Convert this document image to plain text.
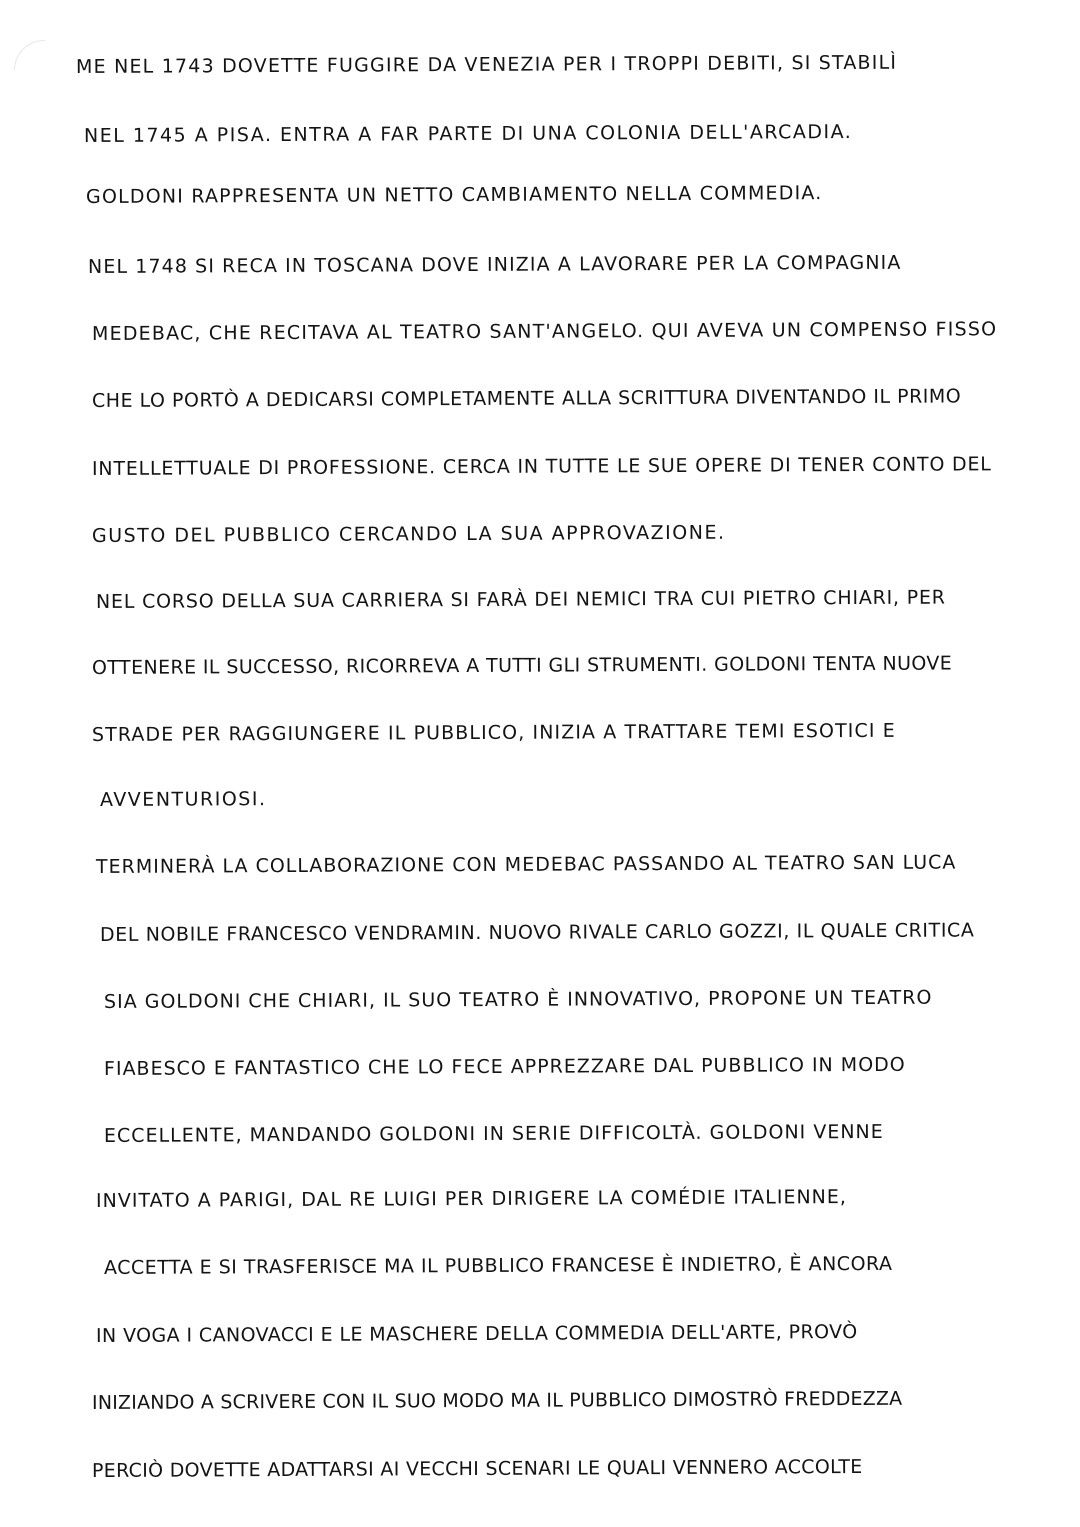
ME NEL 1743 DOVETTE FUGGIRE DA VENEZIA PER I TROPPI DEBITI, SI STABILÌ
NEL 1745 A PISA. ENTRA A FAR PARTE DI UNA COLONIA DELL'ARCADIA.
GOLDONI RAPPRESENTA UN NETTO CAMBIAMENTO NELLA COMMEDIA.
NEL 1748 SI RECA IN TOSCANA DOVE INIZIA A LAVORARE PER LA COMPAGNIA
MEDEBAC, CHE RECITAVA AL TEATRO SANT'ANGELO. QUI AVEVA UN COMPENSO FISSO
CHE LO PORTÒ A DEDICARSI COMPLETAMENTE ALLA SCRITTURA DIVENTANDO IL PRIMO
INTELLETTUALE DI PROFESSIONE. CERCA IN TUTTE LE SUE OPERE DI TENER CONTO DEL
GUSTO DEL PUBBLICO CERCANDO LA SUA APPROVAZIONE.
NEL CORSO DELLA SUA CARRIERA SI FARÀ DEI NEMICI TRA CUI PIETRO CHIARI, PER
OTTENERE IL SUCCESSO, RICORREVA A TUTTI GLI STRUMENTI. GOLDONI TENTA NUOVE
STRADE PER RAGGIUNGERE IL PUBBLICO, INIZIA A TRATTARE TEMI ESOTICI E
AVVENTURIOSI.
TERMINERÀ LA COLLABORAZIONE CON MEDEBAC PASSANDO AL TEATRO SAN LUCA
DEL NOBILE FRANCESCO VENDRAMIN. NUOVO RIVALE CARLO GOZZI, IL QUALE CRITICA
SIA GOLDONI CHE CHIARI, IL SUO TEATRO È INNOVATIVO, PROPONE UN TEATRO
FIABESCO E FANTASTICO CHE LO FECE APPREZZARE DAL PUBBLICO IN MODO
ECCELLENTE, MANDANDO GOLDONI IN SERIE DIFFICOLTÀ. GOLDONI VENNE
INVITATO A PARIGI, DAL RE LUIGI PER DIRIGERE LA COMÉDIE ITALIENNE,
ACCETTA E SI TRASFERISCE MA IL PUBBLICO FRANCESE È INDIETRO, È ANCORA
IN VOGA I CANOVACCI E LE MASCHERE DELLA COMMEDIA DELL'ARTE, PROVÒ
INIZIANDO A SCRIVERE CON IL SUO MODO MA IL PUBBLICO DIMOSTRÒ FREDDEZZA
PERCIÒ DOVETTE ADATTARSI AI VECCHI SCENARI LE QUALI VENNERO ACCOLTE
